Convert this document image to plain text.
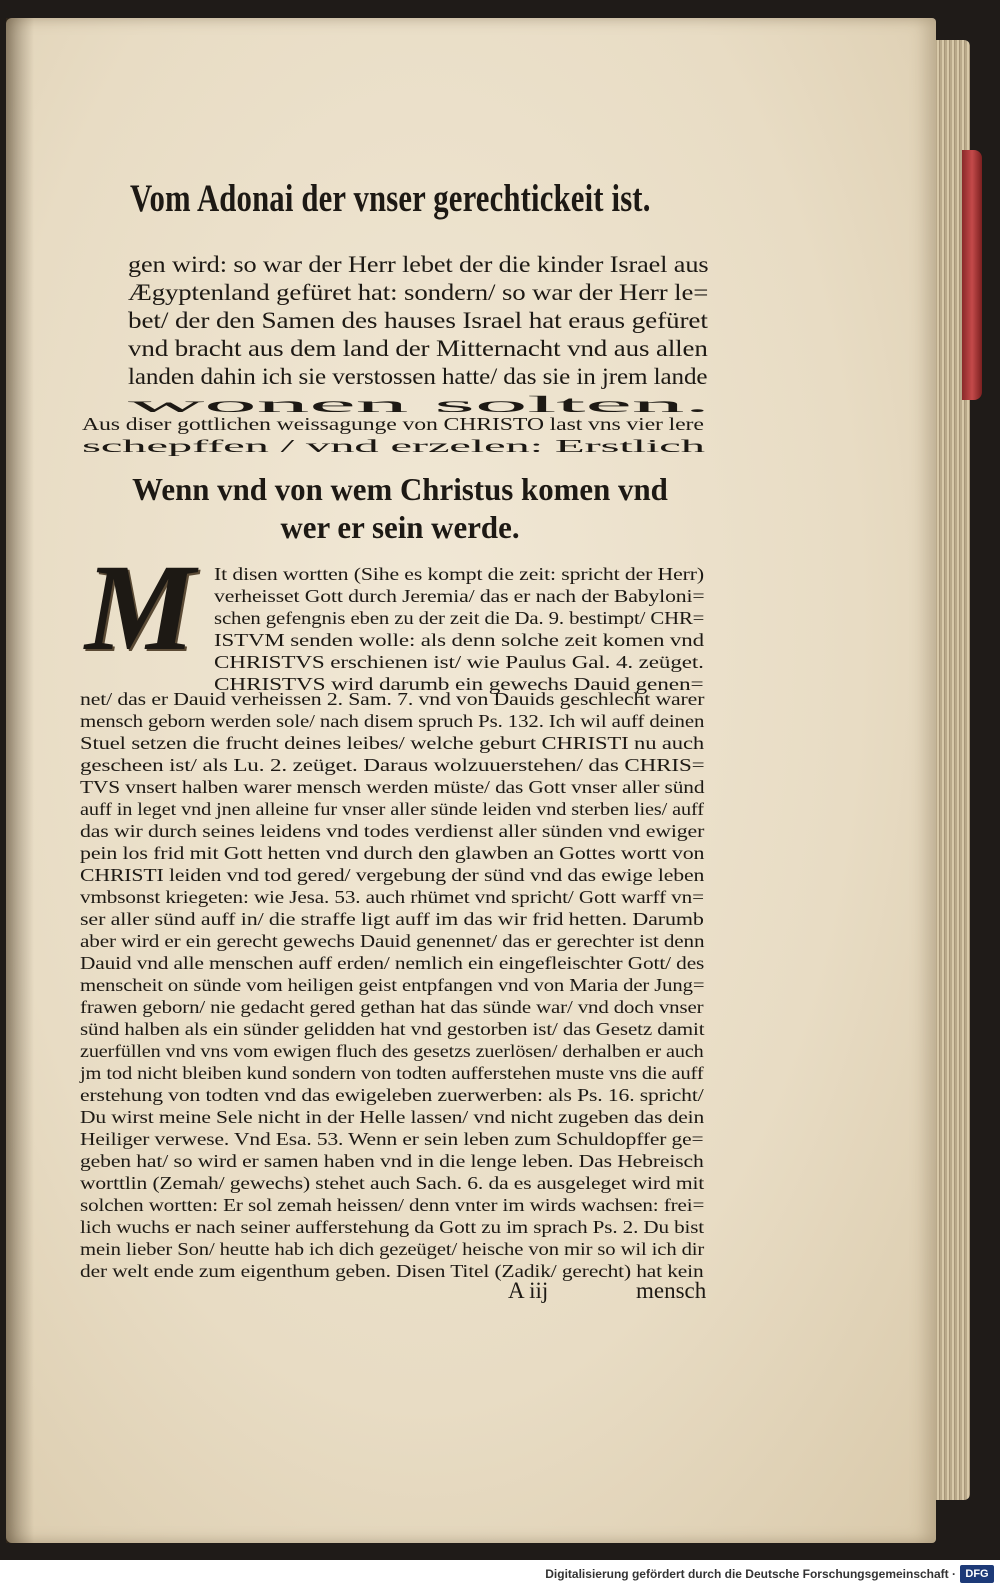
Vom Adonai der vnser gerechtickeit ist.
gen wird: so war der Herr lebet der die kinder Israel aus
Ægyptenland gefüret hat: sondern/ so war der Herr le=
bet/ der den Samen des hauses Israel hat eraus gefüret
vnd bracht aus dem land der Mitternacht vnd aus allen
landen dahin ich sie verstossen hatte/ das sie in jrem lande
wonen solten.
Aus diser gottlichen weissagunge von CHRISTO last vns vier lere
schepffen / vnd erzelen: Erstlich
Wenn vnd von wem Christus komen vnd
wer er sein werde.
M It disen wortten (Sihe es kompt die zeit: spricht der Herr)
verheisset Gott durch Jeremia/ das er nach der Babyloni=
schen gefengnis eben zu der zeit die Da. 9. bestimpt/ CHR=
ISTVM senden wolle: als denn solche zeit komen vnd
CHRISTVS erschienen ist/ wie Paulus Gal. 4. zeüget.
CHRISTVS wird darumb ein gewechs Dauid genen=
net/ das er Dauid verheissen 2. Sam. 7. vnd von Dauids geschlecht warer
mensch geborn werden sole/ nach disem spruch Ps. 132. Ich wil auff deinen
Stuel setzen die frucht deines leibes/ welche geburt CHRISTI nu auch
gescheen ist/ als Lu. 2. zeüget. Daraus wolzuuerstehen/ das CHRIS=
TVS vnsert halben warer mensch werden müste/ das Gott vnser aller sünd
auff in leget vnd jnen alleine fur vnser aller sünde leiden vnd sterben lies/ auff
das wir durch seines leidens vnd todes verdienst aller sünden vnd ewiger
pein los frid mit Gott hetten vnd durch den glawben an Gottes wortt von
CHRISTI leiden vnd tod gered/ vergebung der sünd vnd das ewige leben
vmbsonst kriegeten: wie Jesa. 53. auch rhümet vnd spricht/ Gott warff vn=
ser aller sünd auff in/ die straffe ligt auff im das wir frid hetten. Darumb
aber wird er ein gerecht gewechs Dauid genennet/ das er gerechter ist denn
Dauid vnd alle menschen auff erden/ nemlich ein eingefleischter Gott/ des
menscheit on sünde vom heiligen geist entpfangen vnd von Maria der Jung=
frawen geborn/ nie gedacht gered gethan hat das sünde war/ vnd doch vnser
sünd halben als ein sünder gelidden hat vnd gestorben ist/ das Gesetz damit
zuerfüllen vnd vns vom ewigen fluch des gesetzs zuerlösen/ derhalben er auch
jm tod nicht bleiben kund sondern von todten aufferstehen muste vns die auff
erstehung von todten vnd das ewigeleben zuerwerben: als Ps. 16. spricht/
Du wirst meine Sele nicht in der Helle lassen/ vnd nicht zugeben das dein
Heiliger verwese. Vnd Esa. 53. Wenn er sein leben zum Schuldopffer ge=
geben hat/ so wird er samen haben vnd in die lenge leben. Das Hebreisch
worttlin (Zemah/ gewechs) stehet auch Sach. 6. da es ausgeleget wird mit
solchen wortten: Er sol zemah heissen/ denn vnter im wirds wachsen: frei=
lich wuchs er nach seiner aufferstehung da Gott zu im sprach Ps. 2. Du bist
mein lieber Son/ heutte hab ich dich gezeüget/ heische von mir so wil ich dir
der welt ende zum eigenthum geben. Disen Titel (Zadik/ gerecht) hat kein
A iij	mensch
Digitalisierung gefördert durch die Deutsche Forschungsgemeinschaft · DFG
